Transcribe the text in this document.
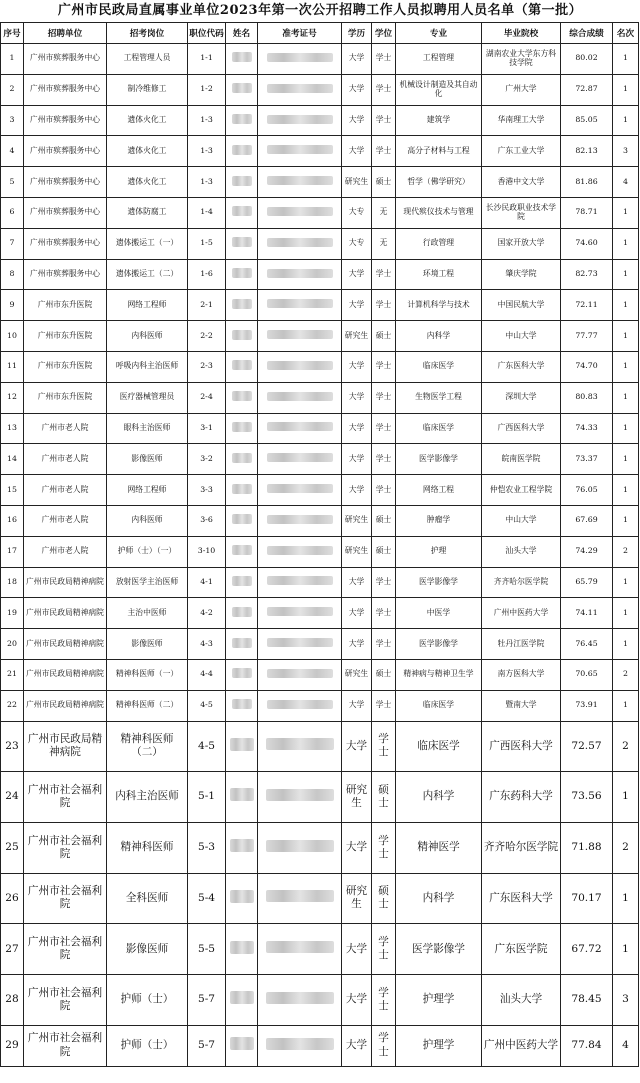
广州市民政局直属事业单位2023年第一次公开招聘工作人员拟聘用人员名单（第一批）
序号	招聘单位	招考岗位	职位代码	姓名	准考证号	学历	学位	专业	毕业院校	综合成绩	名次
1	广州市殡葬服务中心	工程管理人员	1-1			大学	学士	工程管理	湖南农业大学东方科技学院	80.02	1
2	广州市殡葬服务中心	制冷维修工	1-2			大学	学士	机械设计制造及其自动化	广州大学	72.87	1
3	广州市殡葬服务中心	遗体火化工	1-3			大学	学士	建筑学	华南理工大学	85.05	1
4	广州市殡葬服务中心	遗体火化工	1-3			大学	学士	高分子材料与工程	广东工业大学	82.13	3
5	广州市殡葬服务中心	遗体火化工	1-3			研究生	硕士	哲学（佛学研究）	香港中文大学	81.86	4
6	广州市殡葬服务中心	遗体防腐工	1-4			大专	无	现代殡仪技术与管理	长沙民政职业技术学院	78.71	1
7	广州市殡葬服务中心	遗体搬运工（一）	1-5			大专	无	行政管理	国家开放大学	74.60	1
8	广州市殡葬服务中心	遗体搬运工（二）	1-6			大学	学士	环境工程	肇庆学院	82.73	1
9	广州市东升医院	网络工程师	2-1			大学	学士	计算机科学与技术	中国民航大学	72.11	1
10	广州市东升医院	内科医师	2-2			研究生	硕士	内科学	中山大学	77.77	1
11	广州市东升医院	呼吸内科主治医师	2-3			大学	学士	临床医学	广东医科大学	74.70	1
12	广州市东升医院	医疗器械管理员	2-4			大学	学士	生物医学工程	深圳大学	80.83	1
13	广州市老人院	眼科主治医师	3-1			大学	学士	临床医学	广西医科大学	74.33	1
14	广州市老人院	影像医师	3-2			大学	学士	医学影像学	皖南医学院	73.37	1
15	广州市老人院	网络工程师	3-3			大学	学士	网络工程	仲恺农业工程学院	76.05	1
16	广州市老人院	内科医师	3-6			研究生	硕士	肿瘤学	中山大学	67.69	1
17	广州市老人院	护师（士）（一）	3-10			研究生	硕士	护理	汕头大学	74.29	2
18	广州市民政局精神病院	放射医学主治医师	4-1			大学	学士	医学影像学	齐齐哈尔医学院	65.79	1
19	广州市民政局精神病院	主治中医师	4-2			大学	学士	中医学	广州中医药大学	74.11	1
20	广州市民政局精神病院	影像医师	4-3			大学	学士	医学影像学	牡丹江医学院	76.45	1
21	广州市民政局精神病院	精神科医师（一）	4-4			研究生	硕士	精神病与精神卫生学	南方医科大学	70.65	2
22	广州市民政局精神病院	精神科医师（二）	4-5			大学	学士	临床医学	暨南大学	73.91	1
23	广州市民政局精神病院	精神科医师（二）	4-5			大学	学士	临床医学	广西医科大学	72.57	2
24	广州市社会福利院	内科主治医师	5-1			研究生	硕士	内科学	广东药科大学	73.56	1
25	广州市社会福利院	精神科医师	5-3			大学	学士	精神医学	齐齐哈尔医学院	71.88	2
26	广州市社会福利院	全科医师	5-4			研究生	硕士	内科学	广东医科大学	70.17	1
27	广州市社会福利院	影像医师	5-5			大学	学士	医学影像学	广东医学院	67.72	1
28	广州市社会福利院	护师（士）	5-7			大学	学士	护理学	汕头大学	78.45	3
29	广州市社会福利院	护师（士）	5-7			大学	学士	护理学	广州中医药大学	77.84	4
